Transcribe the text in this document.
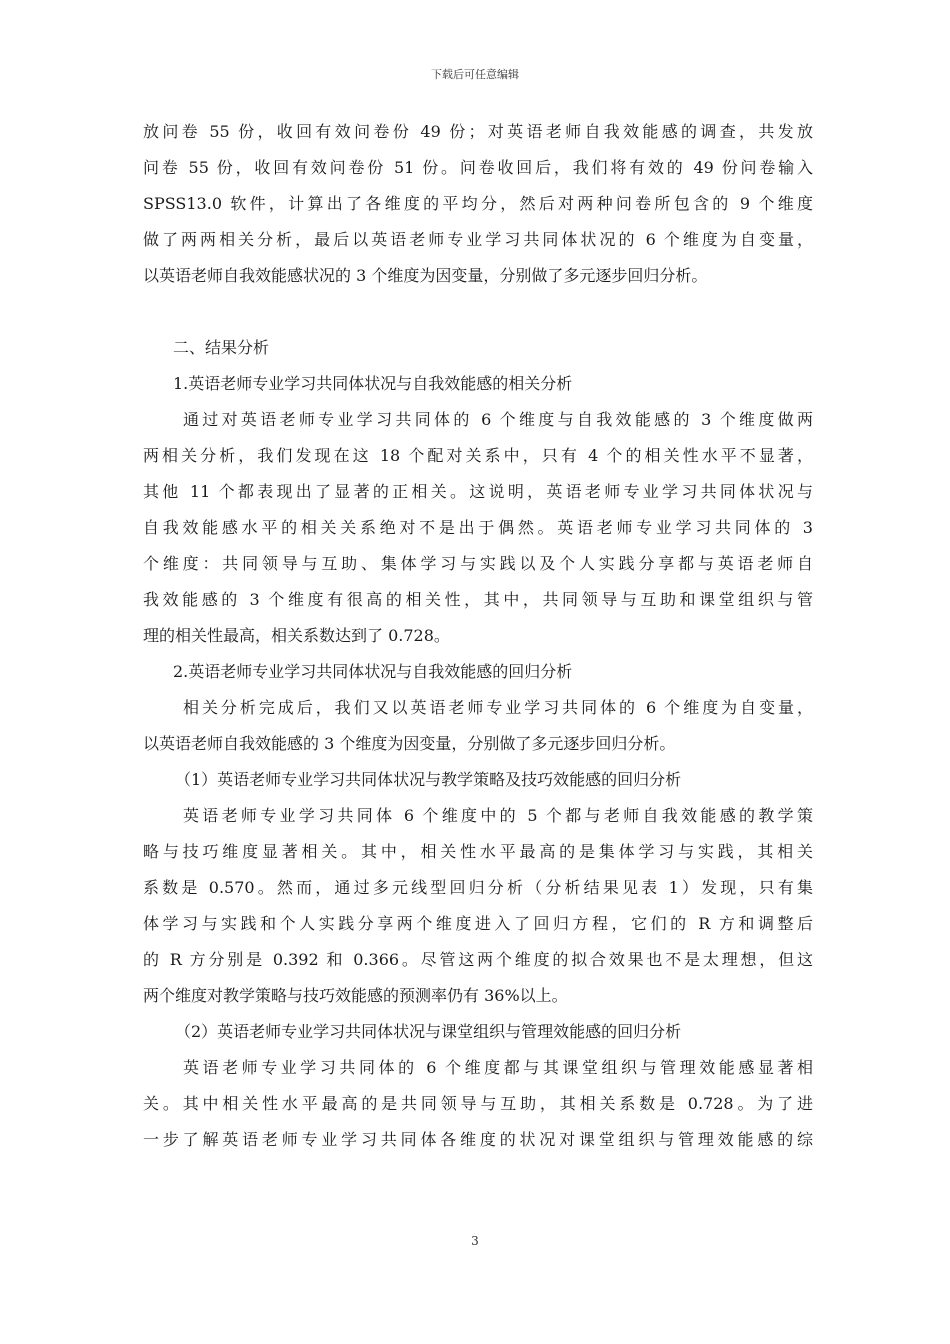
下载后可任意编辑
放问卷 55 份，收回有效问卷份 49 份；对英语老师自我效能感的调查，共发放
问卷 55 份，收回有效问卷份 51 份。问卷收回后，我们将有效的 49 份问卷输入
SPSS13.0 软件，计算出了各维度的平均分，然后对两种问卷所包含的 9 个维度
做了两两相关分析，最后以英语老师专业学习共同体状况的 6 个维度为自变量，
以英语老师自我效能感状况的 3 个维度为因变量，分别做了多元逐步回归分析。
二、结果分析
1.英语老师专业学习共同体状况与自我效能感的相关分析
通过对英语老师专业学习共同体的 6 个维度与自我效能感的 3 个维度做两
两相关分析，我们发现在这 18 个配对关系中，只有 4 个的相关性水平不显著，
其他 11 个都表现出了显著的正相关。这说明，英语老师专业学习共同体状况与
自我效能感水平的相关关系绝对不是出于偶然。英语老师专业学习共同体的 3
个维度：共同领导与互助、集体学习与实践以及个人实践分享都与英语老师自
我效能感的 3 个维度有很高的相关性，其中，共同领导与互助和课堂组织与管
理的相关性最高，相关系数达到了 0.728。
2.英语老师专业学习共同体状况与自我效能感的回归分析
相关分析完成后，我们又以英语老师专业学习共同体的 6 个维度为自变量，
以英语老师自我效能感的 3 个维度为因变量，分别做了多元逐步回归分析。
（1）英语老师专业学习共同体状况与教学策略及技巧效能感的回归分析
英语老师专业学习共同体 6 个维度中的 5 个都与老师自我效能感的教学策
略与技巧维度显著相关。其中，相关性水平最高的是集体学习与实践，其相关
系数是 0.570。然而，通过多元线型回归分析（分析结果见表 1）发现，只有集
体学习与实践和个人实践分享两个维度进入了回归方程，它们的 R 方和调整后
的 R 方分别是 0.392 和 0.366。尽管这两个维度的拟合效果也不是太理想，但这
两个维度对教学策略与技巧效能感的预测率仍有 36%以上。
（2）英语老师专业学习共同体状况与课堂组织与管理效能感的回归分析
英语老师专业学习共同体的 6 个维度都与其课堂组织与管理效能感显著相
关。其中相关性水平最高的是共同领导与互助，其相关系数是 0.728。为了进
一步了解英语老师专业学习共同体各维度的状况对课堂组织与管理效能感的综
3
